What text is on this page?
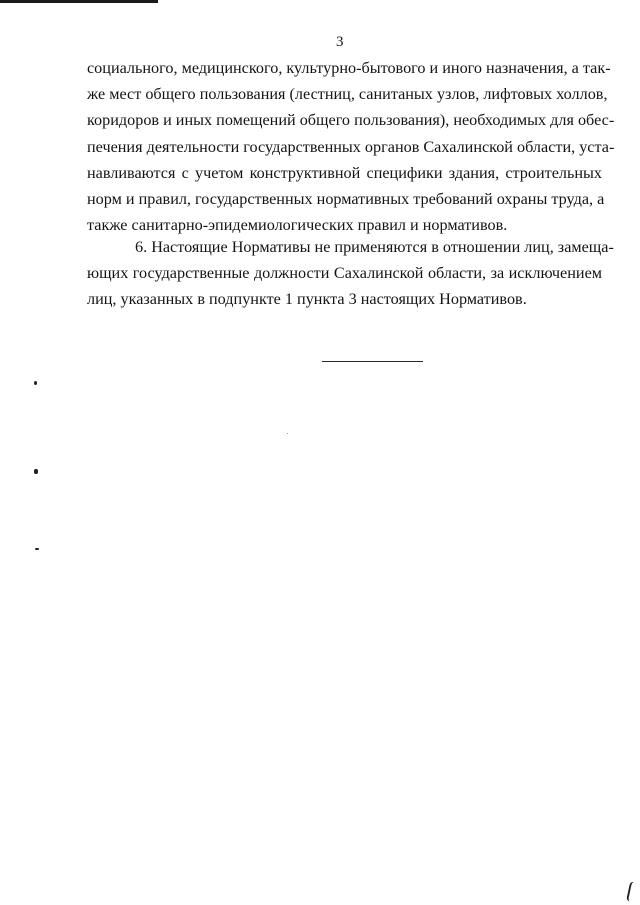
3
социального, медицинского, культурно-бытового и иного назначения, а так-
же мест общего пользования (лестниц, санитаных узлов, лифтовых холлов,
коридоров и иных помещений общего пользования), необходимых для обес-
печения деятельности государственных органов Сахалинской области, уста-
навливаются с учетом конструктивной специфики здания, строительных
норм и правил, государственных нормативных требований охраны труда, а
также санитарно-эпидемиологических правил и нормативов.
6. Настоящие Нормативы не применяются в отношении лиц, замеща-
ющих государственные должности Сахалинской области, за исключением
лиц, указанных в подпункте 1 пункта 3 настоящих Нормативов.
